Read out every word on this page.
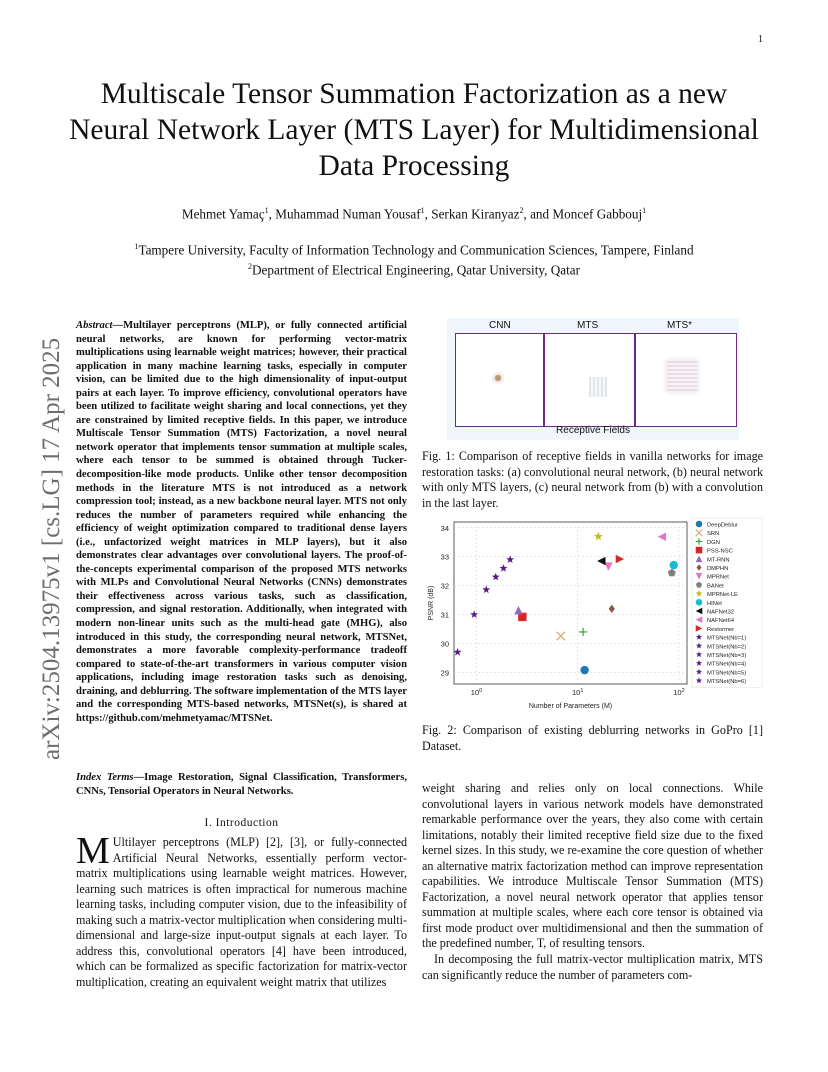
1
arXiv:2504.13975v1 [cs.LG] 17 Apr 2025
Multiscale Tensor Summation Factorization as a new Neural Network Layer (MTS Layer) for Multidimensional Data Processing
Mehmet Yamaç$^1$, Muhammad Numan Yousaf$^1$, Serkan Kiranyaz$^2$, and Moncef Gabbouj$^1$
$^1$Tampere University, Faculty of Information Technology and Communication Sciences, Tampere, Finland
$^2$Department of Electrical Engineering, Qatar University, Qatar
Abstract—Multilayer perceptrons (MLP), or fully connected artificial neural networks, are known for performing vector-matrix multiplications using learnable weight matrices; however, their practical application in many machine learning tasks, especially in computer vision, can be limited due to the high dimensionality of input-output pairs at each layer. To improve efficiency, convolutional operators have been utilized to facilitate weight sharing and local connections, yet they are constrained by limited receptive fields. In this paper, we introduce Multiscale Tensor Summation (MTS) Factorization, a novel neural network operator that implements tensor summation at multiple scales, where each tensor to be summed is obtained through Tucker-decomposition-like mode products. Unlike other tensor decomposition methods in the literature MTS is not introduced as a network compression tool; instead, as a new backbone neural layer. MTS not only reduces the number of parameters required while enhancing the efficiency of weight optimization compared to traditional dense layers (i.e., unfactorized weight matrices in MLP layers), but it also demonstrates clear advantages over convolutional layers. The proof-of-the-concepts experimental comparison of the proposed MTS networks with MLPs and Convolutional Neural Networks (CNNs) demonstrates their effectiveness across various tasks, such as classification, compression, and signal restoration. Additionally, when integrated with modern non-linear units such as the multi-head gate (MHG), also introduced in this study, the corresponding neural network, MTSNet, demonstrates a more favorable complexity-performance tradeoff compared to state-of-the-art transformers in various computer vision applications, including image restoration tasks such as denoising, draining, and deblurring. The software implementation of the MTS layer and the corresponding MTS-based networks, MTSNet(s), is shared at https://github.com/mehmetyamac/MTSNet.
Index Terms—Image Restoration, Signal Classification, Transformers, CNNs, Tensorial Operators in Neural Networks.
I. Introduction
M Ultilayer perceptrons (MLP) [2], [3], or fully-connected Artificial Neural Networks, essentially perform vector-matrix multiplications using learnable weight matrices. However, learning such matrices is often impractical for numerous machine learning tasks, including computer vision, due to the infeasibility of making such a matrix-vector multiplication when considering multi-dimensional and large-size input-output signals at each layer. To address this, convolutional operators [4] have been introduced, which can be formalized as specific factorization for matrix-vector multiplication, creating an equivalent weight matrix that utilizes
CNN	MTS	MTS*
Receptive Fields
Fig. 1: Comparison of receptive fields in vanilla networks for image restoration tasks: (a) convolutional neural network, (b) neural network with only MTS layers, (c) neural network from (b) with a convolution in the last layer.
29
30
31
32
33
34
$10^0$	$10^1$	$10^2$
Number of Parameters (M)
PSNR (dB)
DeepDeblur
SRN
DGN
PSS-NSC
MT-RNN
DMPHN
MPRNet
BANet
MPRNet-LE
HINet
NAFNet32
NAFNet64
Restormer
MTSNet(Nb=1)
MTSNet(Nb=2)
MTSNet(Nb=3)
MTSNet(Nb=4)
MTSNet(Nb=5)
MTSNet(Nb=6)
Fig. 2: Comparison of existing deblurring networks in GoPro [1] Dataset.

weight sharing and relies only on local connections. While convolutional layers in various network models have demonstrated remarkable performance over the years, they also come with certain limitations, notably their limited receptive field size due to the fixed kernel sizes. In this study, we re-examine the core question of whether an alternative matrix factorization method can improve representation capabilities. We introduce Multiscale Tensor Summation (MTS) Factorization, a novel neural network operator that applies tensor summation at multiple scales, where each core tensor is obtained via first mode product over multidimensional and then the summation of the predefined number, T, of resulting tensors.

In decomposing the full matrix-vector multiplication matrix, MTS can significantly reduce the number of parameters com-
